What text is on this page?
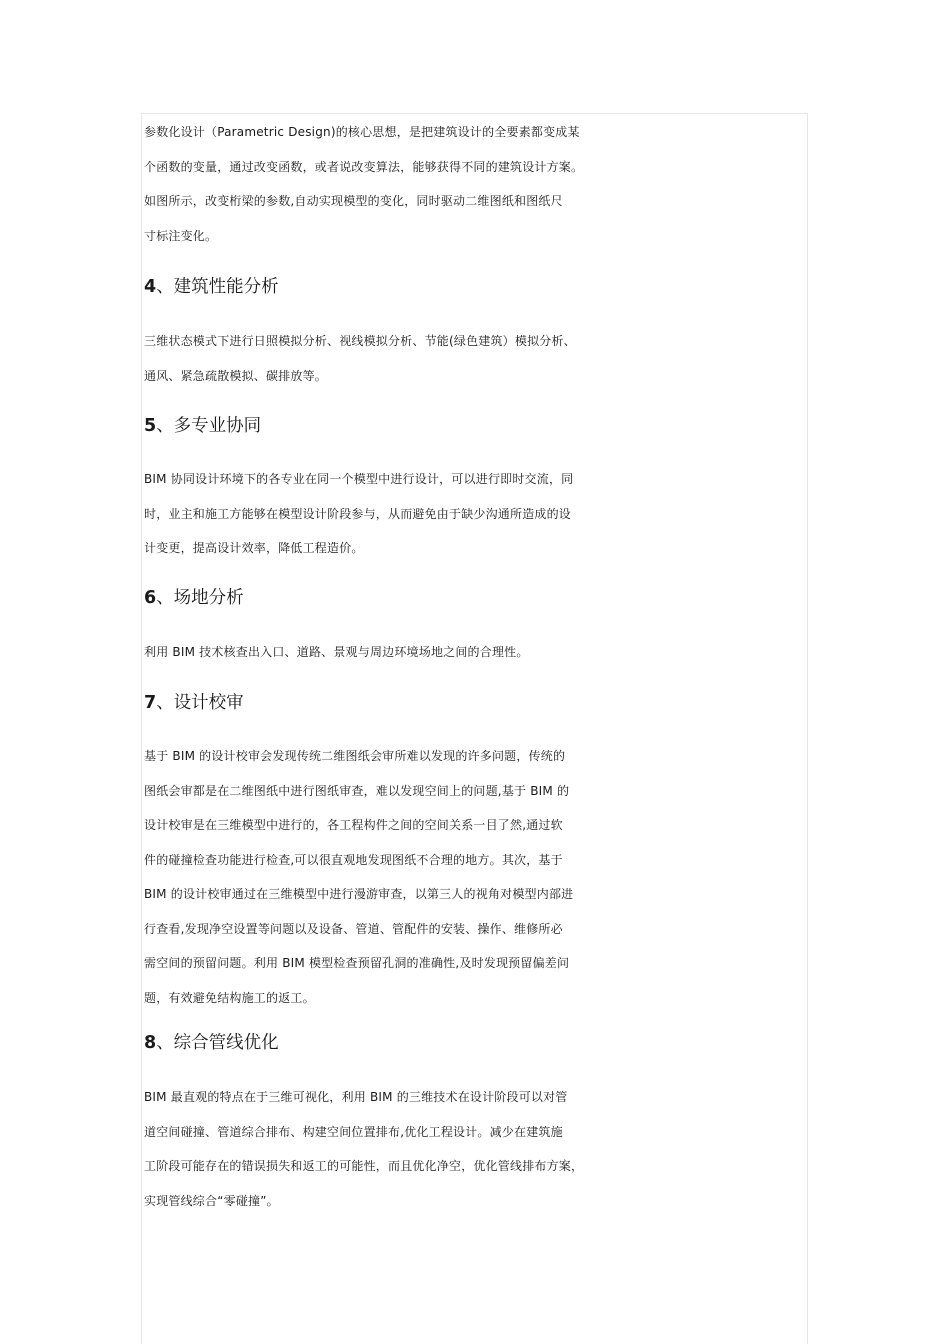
参数化设计（Parametric Design)的核心思想，是把建筑设计的全要素都变成某
个函数的变量，通过改变函数，或者说改变算法，能够获得不同的建筑设计方案。
如图所示，改变桁梁的参数,自动实现模型的变化，同时驱动二维图纸和图纸尺
寸标注变化。
4、建筑性能分析
三维状态模式下进行日照模拟分析、视线模拟分析、节能(绿色建筑）模拟分析、
通风、紧急疏散模拟、碳排放等。
5、多专业协同
BIM 协同设计环境下的各专业在同一个模型中进行设计，可以进行即时交流，同
时，业主和施工方能够在模型设计阶段参与，从而避免由于缺少沟通所造成的设
计变更，提高设计效率，降低工程造价。
6、场地分析
利用 BIM 技术核查出入口、道路、景观与周边环境场地之间的合理性。
7、设计校审
基于 BIM 的设计校审会发现传统二维图纸会审所难以发现的许多问题，传统的
图纸会审都是在二维图纸中进行图纸审查，难以发现空间上的问题,基于 BIM 的
设计校审是在三维模型中进行的，各工程构件之间的空间关系一目了然,通过软
件的碰撞检查功能进行检查,可以很直观地发现图纸不合理的地方。其次，基于
BIM 的设计校审通过在三维模型中进行漫游审查，以第三人的视角对模型内部进
行查看,发现净空设置等问题以及设备、管道、管配件的安装、操作、维修所必
需空间的预留问题。利用 BIM 模型检查预留孔洞的准确性,及时发现预留偏差问
题，有效避免结构施工的返工。
8、综合管线优化
BIM 最直观的特点在于三维可视化，利用 BIM 的三维技术在设计阶段可以对管
道空间碰撞、管道综合排布、构建空间位置排布,优化工程设计。减少在建筑施
工阶段可能存在的错误损失和返工的可能性，而且优化净空，优化管线排布方案，
实现管线综合“零碰撞”。
